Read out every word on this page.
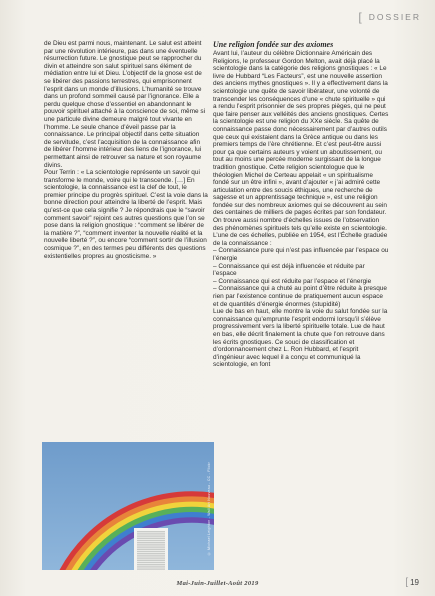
[ DOSSIER

de Dieu est parmi nous, maintenant. Le salut est atteint par une révolution intérieure, pas dans une éventuelle résurrection future. Le gnostique peut se rapprocher du divin et atteindre son salut spirituel sans élément de médiation entre lui et Dieu. L’objectif de la gnose est de se libérer des passions terrestres, qui emprisonnent l’esprit dans un monde d’illusions. L’humanité se trouve dans un profond sommeil causé par l’ignorance. Elle a perdu quelque chose d’essentiel en abandonnant le pouvoir spirituel attaché à la conscience de soi, même si une particule divine demeure malgré tout vivante en l’homme. Le seule chance d’éveil passe par la connaissance. Le principal objectif dans cette situation de servitude, c’est l’acquisition de la connaissance afin de libérer l’homme intérieur des liens de l’ignorance, lui permettant ainsi de retrouver sa nature et son royaume divins.

Pour Terrin : « La scientologie représente un savoir qui transforme le monde, voire qui le transcende. […] En scientologie, la connaissance est la clef de tout, le premier principe du progrès spirituel. C’est la voie dans la bonne direction pour atteindre la liberté de l’esprit. Mais qu’est-ce que cela signifie ? Je répondrais que le “savoir comment savoir” rejoint ces autres questions que l’on se pose dans la religion gnostique : “comment se libérer de la matière ?”, “comment inventer la nouvelle réalité et la nouvelle liberté ?”, ou encore “comment sortir de l’illusion cosmique ?”, en des termes peu différents des questions existentielles propres au gnosticisme. »

Une religion fondée sur des axiomes

Avant lui, l’auteur du célèbre Dictionnaire Américain des Religions, le professeur Gordon Melton, avait déjà placé la scientologie dans la catégorie des religions gnostiques : « Le livre de Hubbard “Les Facteurs”, est une nouvelle assertion des anciens mythes gnostiques ». Il y a effectivement dans la scientologie une quête de savoir libérateur, une volonté de transcender les conséquences d’une « chute spirituelle » qui a rendu l’esprit prisonnier de ses propres pièges, qui ne peut que faire penser aux velléités des anciens gnostiques. Certes la scientologie est une religion du XXe siècle. Sa quête de connaissance passe donc nécessairement par d’autres outils que ceux qui existaient dans la Grèce antique ou dans les premiers temps de l’ère chrétienne. Et c’est peut-être aussi pour ça que certains auteurs y voient un aboutissement, ou tout au moins une percée moderne surgissant de la longue tradition gnostique. Cette religion scientologue que le théologien Michel de Certeau appelait « un spiritualisme fondé sur un être infini », avant d’ajouter « j’ai admiré cette articulation entre des soucis éthiques, une recherche de sagesse et un apprentissage technique », est une religion fondée sur des nombreux axiomes qui se découvrent au sein des centaines de milliers de pages écrites par son fondateur. On trouve aussi nombre d’échelles issues de l’observation des phénomènes spirituels tels qu’elle existe en scientologie. L’une de ces échelles, publiée en 1954, est l’Échelle graduée de la connaissance :

– Connaissance pure qui n’est pas influencée par l’espace ou l’énergie

– Connaissance qui est déjà influencée et réduite par l’espace

– Connaissance qui est réduite par l’espace et l’énergie

– Connaissance qui a chuté au point d’être réduite à presque rien par l’existence continue de pratiquement aucun espace et de quantités d’énergie énormes (stupidité)

Lue de bas en haut, elle montre la voie du salut fondée sur la connaissance qu’emprunte l’esprit endormi lorsqu’il s’élève progressivement vers la liberté spirituelle totale. Lue de haut en bas, elle décrit finalement la chute que l’on retrouve dans les écrits gnostiques. Ce souci de classification et d’ordonnancement chez L. Ron Hubbard, et l’esprit d’ingénieur avec lequel il a conçu et communiqué la scientologie, en font

© Michael Leighton - Wall Art Nouveau - CC - Flickr
Mai-Juin-Juillet-Août 2019	[ 19
